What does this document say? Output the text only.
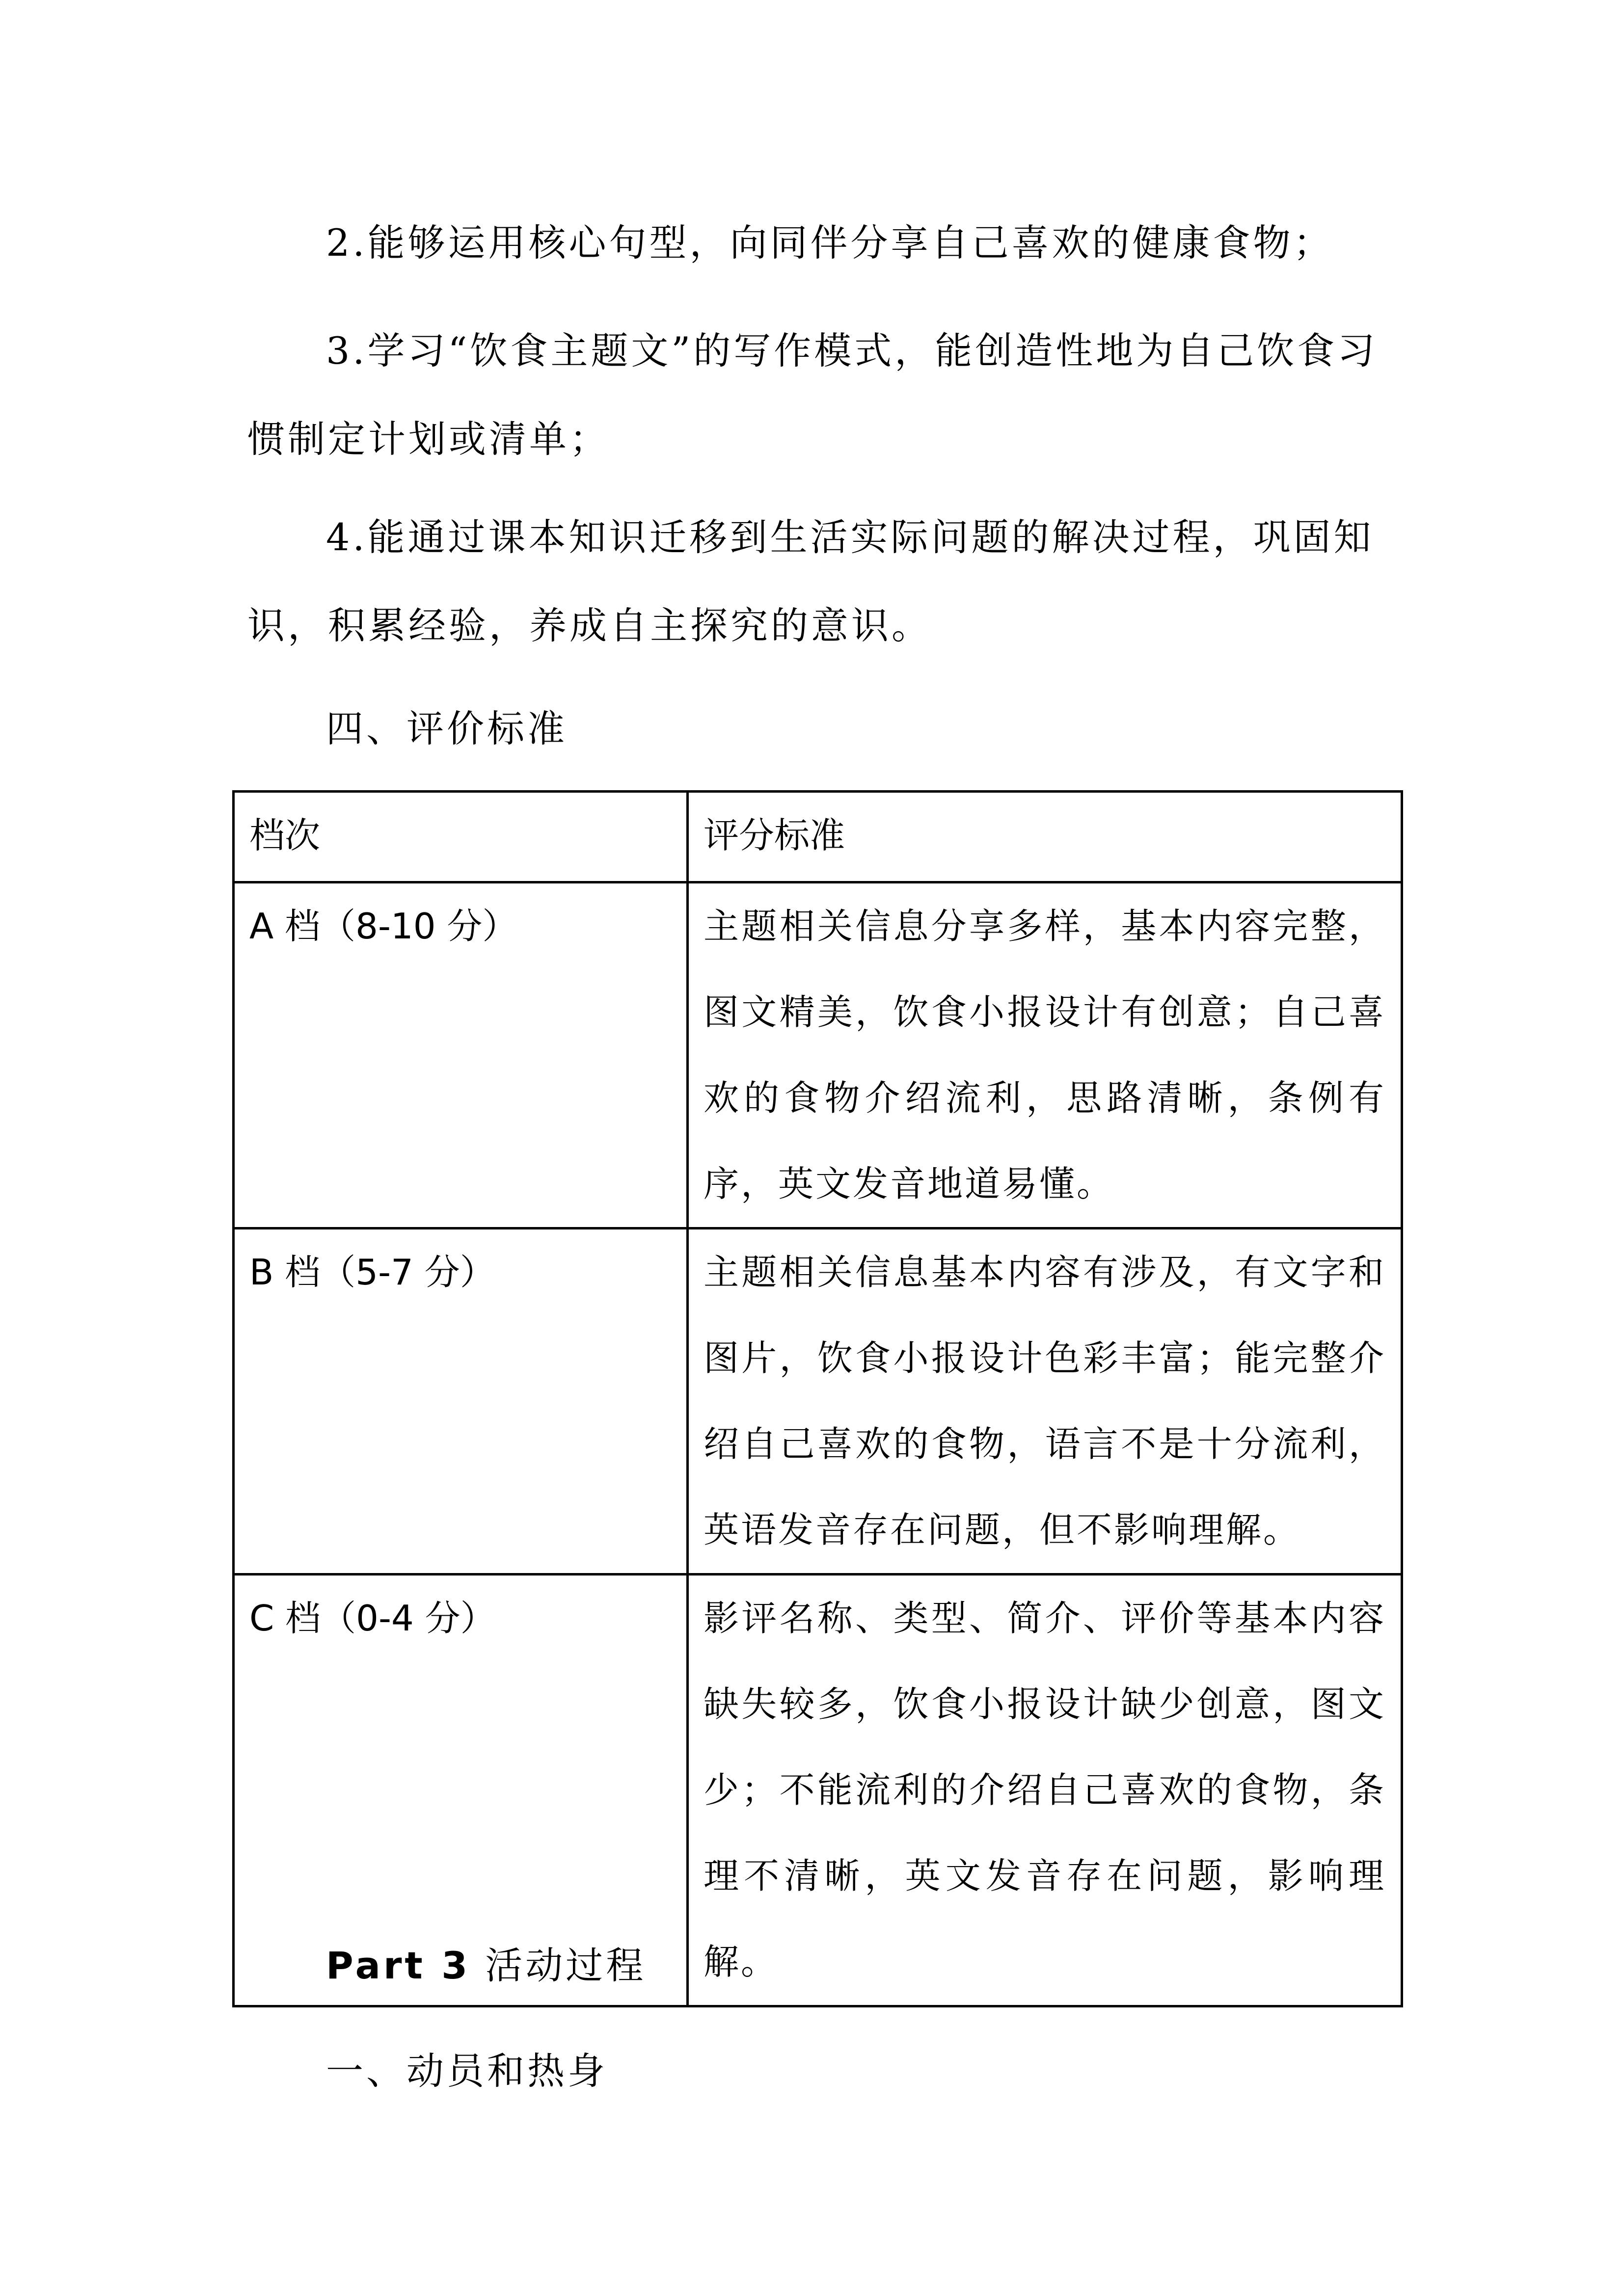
2.能够运用核心句型，向同伴分享自己喜欢的健康食物；

3.学习“饮食主题文”的写作模式，能创造性地为自己饮食习惯制定计划或清单；

4.能通过课本知识迁移到生活实际问题的解决过程，巩固知识，积累经验，养成自主探究的意识。

四、评价标准
档次	评分标准
A 档（8-10 分）	主题相关信息分享多样，基本内容完整，图文精美，饮食小报设计有创意；自己喜欢的食物介绍流利，思路清晰，条例有序，英文发音地道易懂。
B 档（5-7 分）	主题相关信息基本内容有涉及，有文字和图片，饮食小报设计色彩丰富；能完整介绍自己喜欢的食物，语言不是十分流利，英语发音存在问题，但不影响理解。
C 档（0-4 分）	影评名称、类型、简介、评价等基本内容缺失较多，饮食小报设计缺少创意，图文少；不能流利的介绍自己喜欢的食物，条理不清晰，英文发音存在问题，影响理解。
Part 3 活动过程
一、动员和热身
